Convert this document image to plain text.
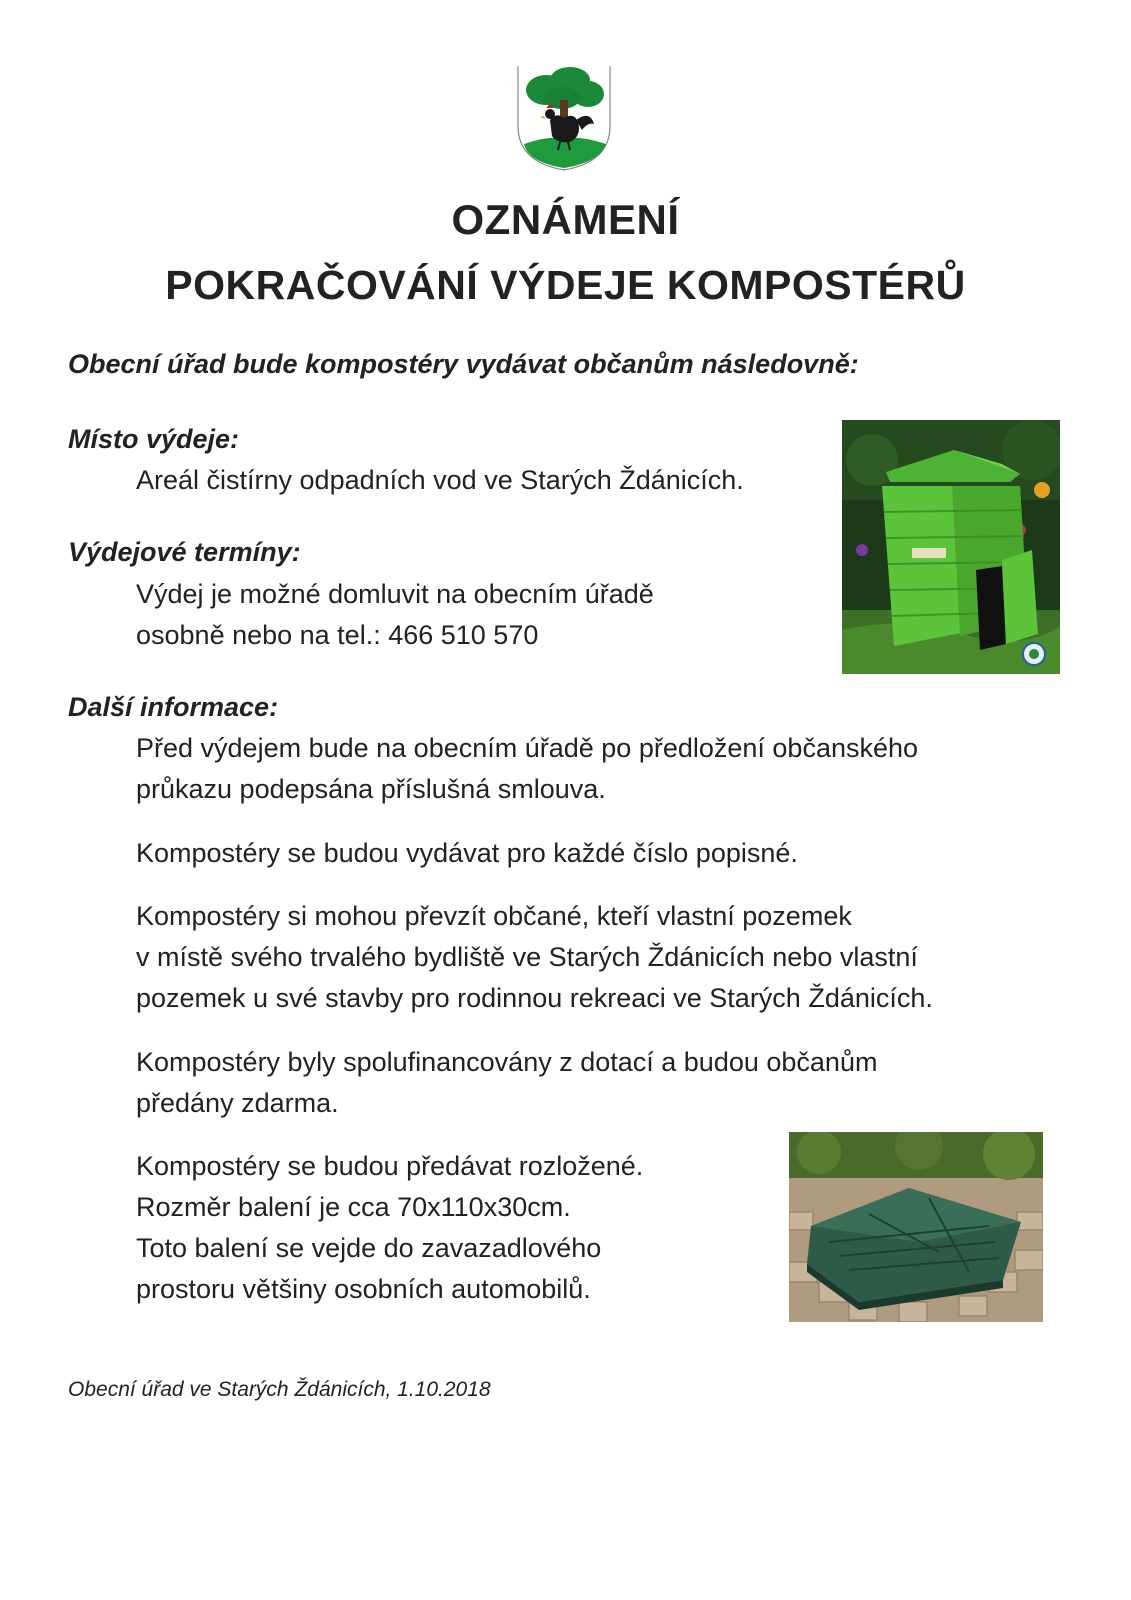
OZNÁMENÍ
POKRAČOVÁNÍ VÝDEJE KOMPOSTÉRŮ
Obecní úřad bude kompostéry vydávat občanům následovně:
Místo výdeje:
Areál čistírny odpadních vod ve Starých Ždánicích.
Výdejové termíny:
Výdej je možné domluvit na obecním úřadě
osobně nebo na tel.: 466 510 570
Další informace:
Před výdejem bude na obecním úřadě po předložení občanského
průkazu podepsána příslušná smlouva.
Kompostéry se budou vydávat pro každé číslo popisné.
Kompostéry si mohou převzít občané, kteří vlastní pozemek
v místě svého trvalého bydliště ve Starých Ždánicích nebo vlastní
pozemek u své stavby pro rodinnou rekreaci ve Starých Ždánicích.
Kompostéry byly spolufinancovány z dotací a budou občanům
předány zdarma.
Kompostéry se budou předávat rozložené.
Rozměr balení je cca 70x110x30cm.
Toto balení se vejde do zavazadlového
prostoru většiny osobních automobilů.
Obecní úřad ve Starých Ždánicích, 1.10.2018
